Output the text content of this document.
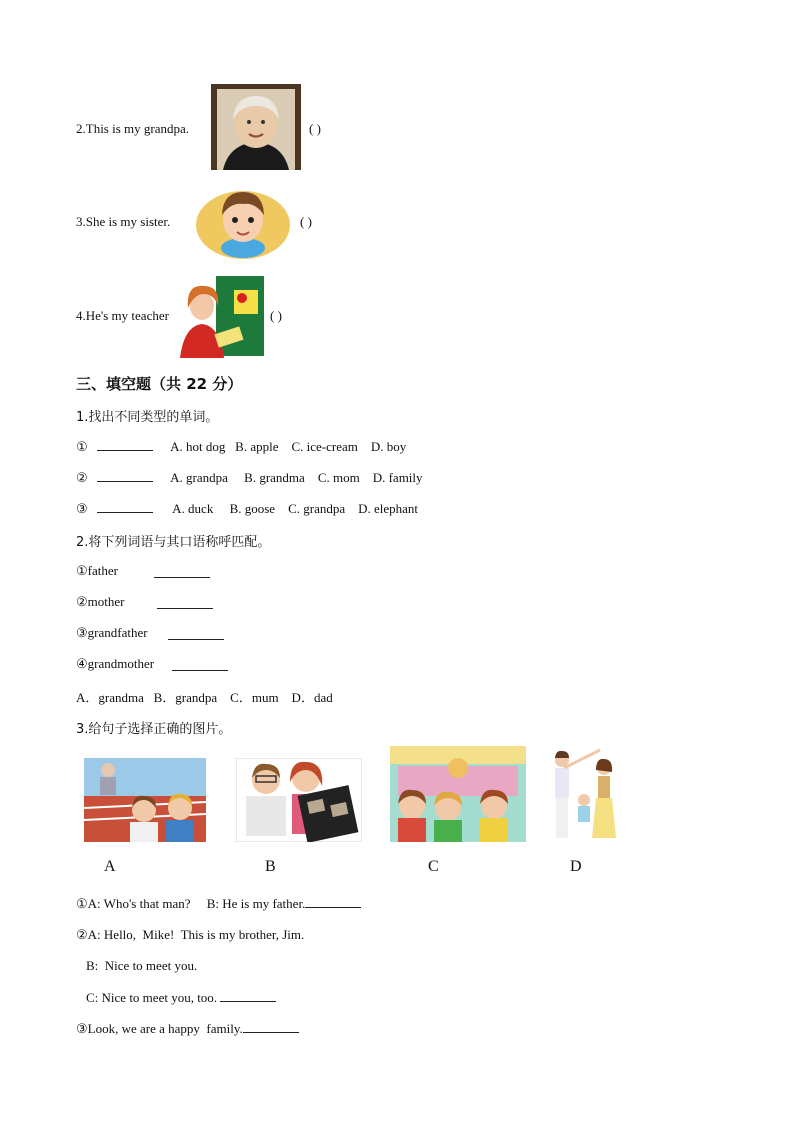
2.This is my grandpa.	( )
3.She is my sister.	( )
4.He's my teacher	( )
三、填空题（共 22 分）
1.找出不同类型的单词。
①	A. hot dog   B. apple    C. ice-cream    D. boy
②	A. grandpa     B. grandma    C. mom    D. family
③	A. duck     B. goose    C. grandpa    D. elephant
2.将下列词语与其口语称呼匹配。
①father
②mother
③grandfather
④grandmother
A．grandma   B．grandpa    C．mum    D．dad
3.给句子选择正确的图片。
A	B	C	D
①A: Who's that man?     B: He is my father.
②A: Hello,  Mike!  This is my brother, Jim.
B:  Nice to meet you.
C: Nice to meet you, too.
③Look, we are a happy  family.
